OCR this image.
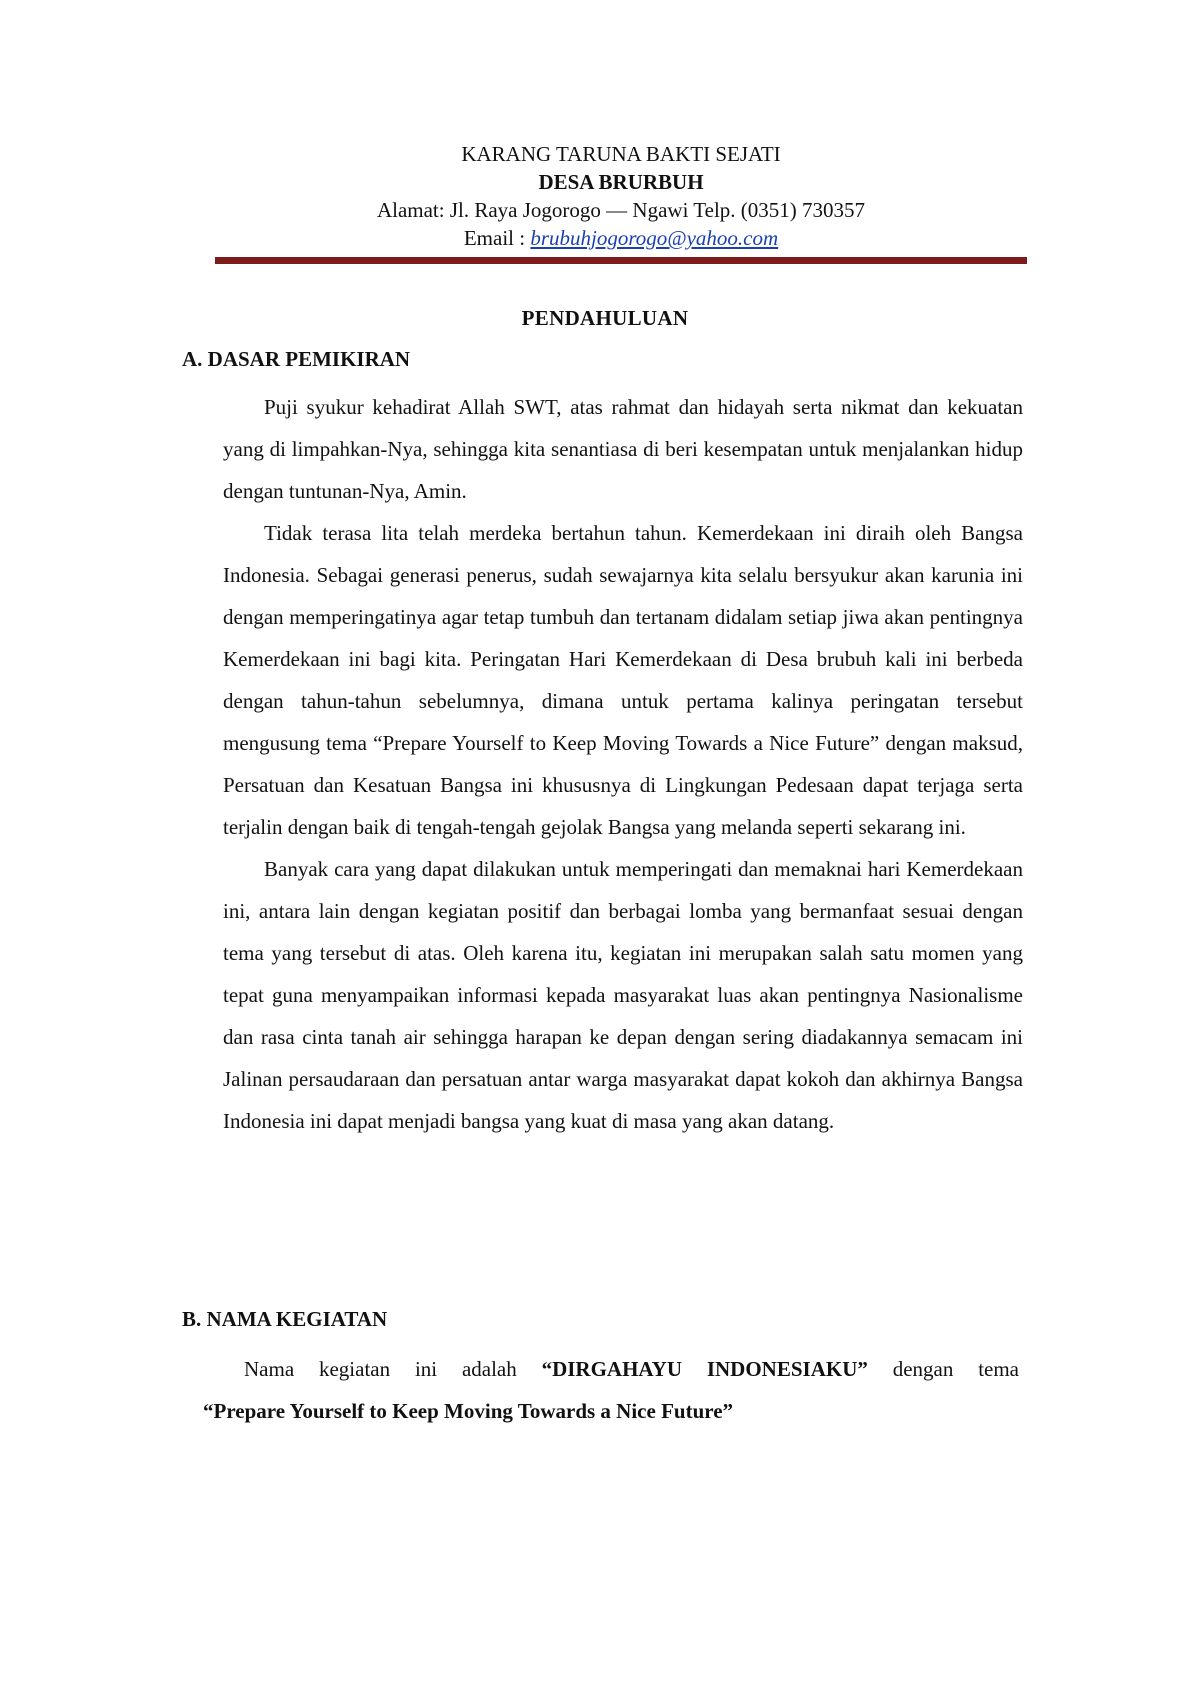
KARANG TARUNA BAKTI SEJATI
DESA BRURBUH
Alamat: Jl. Raya Jogorogo — Ngawi Telp. (0351) 730357
Email : brubuhjogorogo@yahoo.com
PENDAHULUAN
A. DASAR PEMIKIRAN

Puji syukur kehadirat Allah SWT, atas rahmat dan hidayah serta nikmat dan kekuatan yang di limpahkan-Nya, sehingga kita senantiasa di beri kesempatan untuk menjalankan hidup dengan tuntunan-Nya, Amin.

Tidak terasa lita telah merdeka bertahun tahun. Kemerdekaan ini diraih oleh Bangsa Indonesia. Sebagai generasi penerus, sudah sewajarnya kita selalu bersyukur akan karunia ini dengan memperingatinya agar tetap tumbuh dan tertanam didalam setiap jiwa akan pentingnya Kemerdekaan ini bagi kita. Peringatan Hari Kemerdekaan di Desa brubuh kali ini berbeda dengan tahun-tahun sebelumnya, dimana untuk pertama kalinya peringatan tersebut mengusung tema “Prepare Yourself to Keep Moving Towards a Nice Future” dengan maksud, Persatuan dan Kesatuan Bangsa ini khususnya di Lingkungan Pedesaan dapat terjaga serta terjalin dengan baik di tengah-tengah gejolak Bangsa yang melanda seperti sekarang ini.

Banyak cara yang dapat dilakukan untuk memperingati dan memaknai hari Kemerdekaan ini, antara lain dengan kegiatan positif dan berbagai lomba yang bermanfaat sesuai dengan tema yang tersebut di atas. Oleh karena itu, kegiatan ini merupakan salah satu momen yang tepat guna menyampaikan informasi kepada masyarakat luas akan pentingnya Nasionalisme dan rasa cinta tanah air sehingga harapan ke depan dengan sering diadakannya semacam ini Jalinan persaudaraan dan persatuan antar warga masyarakat dapat kokoh dan akhirnya Bangsa Indonesia ini dapat menjadi bangsa yang kuat di masa yang akan datang.

B. NAMA KEGIATAN

Nama kegiatan ini adalah “DIRGAHAYU INDONESIAKU” dengan tema

“Prepare Yourself to Keep Moving Towards a Nice Future”
